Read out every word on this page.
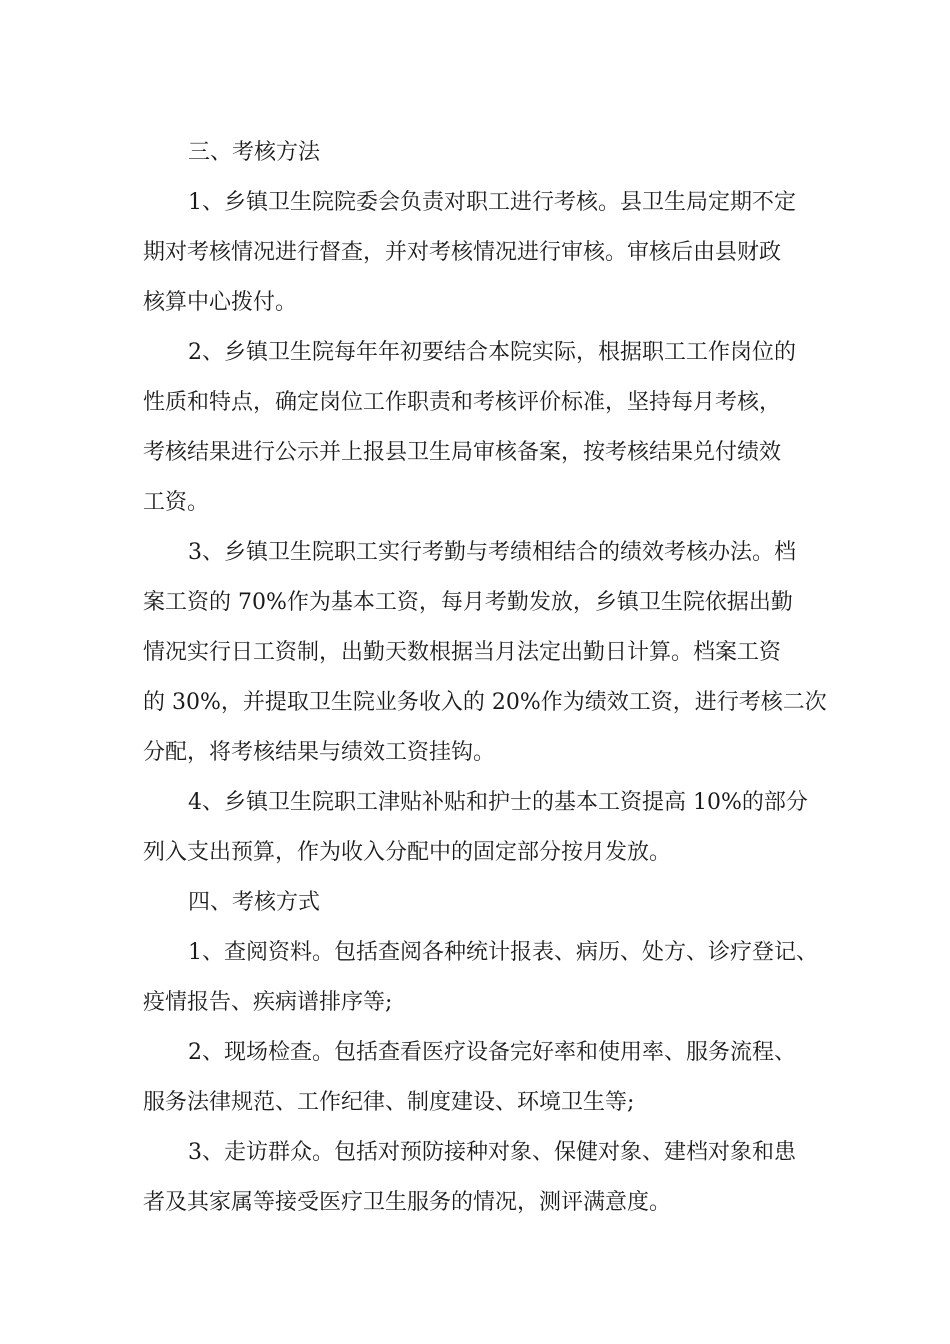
三、考核方法
1、乡镇卫生院院委会负责对职工进行考核。县卫生局定期不定
期对考核情况进行督查，并对考核情况进行审核。审核后由县财政
核算中心拨付。
2、乡镇卫生院每年年初要结合本院实际，根据职工工作岗位的
性质和特点，确定岗位工作职责和考核评价标准，坚持每月考核，
考核结果进行公示并上报县卫生局审核备案，按考核结果兑付绩效
工资。
3、乡镇卫生院职工实行考勤与考绩相结合的绩效考核办法。档
案工资的 70%作为基本工资，每月考勤发放，乡镇卫生院依据出勤
情况实行日工资制，出勤天数根据当月法定出勤日计算。档案工资
的 30%，并提取卫生院业务收入的 20%作为绩效工资，进行考核二次
分配，将考核结果与绩效工资挂钩。
4、乡镇卫生院职工津贴补贴和护士的基本工资提高 10%的部分
列入支出预算，作为收入分配中的固定部分按月发放。
四、考核方式
1、查阅资料。包括查阅各种统计报表、病历、处方、诊疗登记、
疫情报告、疾病谱排序等;
2、现场检查。包括查看医疗设备完好率和使用率、服务流程、
服务法律规范、工作纪律、制度建设、环境卫生等;
3、走访群众。包括对预防接种对象、保健对象、建档对象和患
者及其家属等接受医疗卫生服务的情况，测评满意度。
